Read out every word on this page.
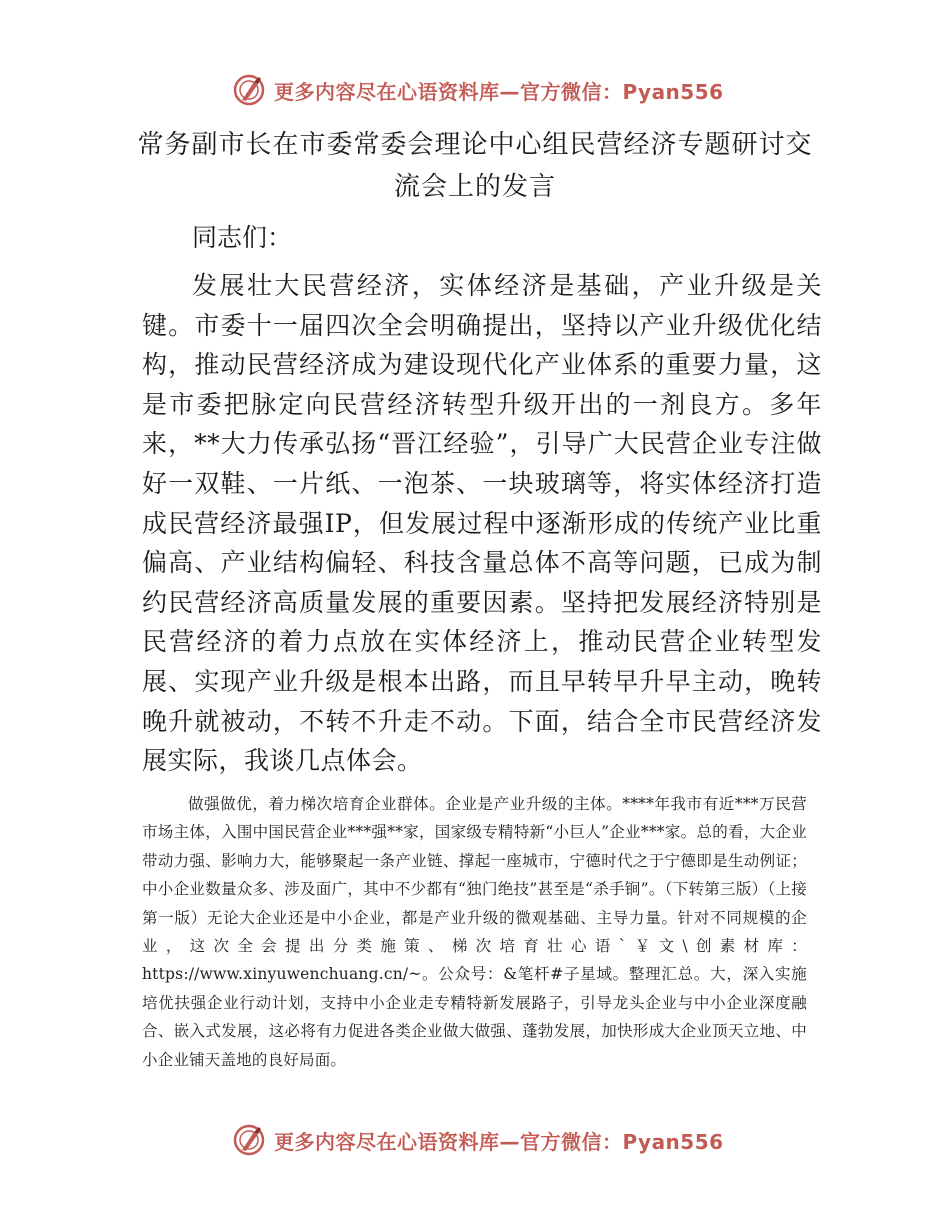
更多内容尽在心语资料库—官方微信：Pyan556
常务副市长在市委常委会理论中心组民营经济专题研讨交流会上的发言
同志们：
发展壮大民营经济，实体经济是基础，产业升级是关键。市委十一届四次全会明确提出，坚持以产业升级优化结构，推动民营经济成为建设现代化产业体系的重要力量，这是市委把脉定向民营经济转型升级开出的一剂良方。多年来，**大力传承弘扬“晋江经验”，引导广大民营企业专注做好一双鞋、一片纸、一泡茶、一块玻璃等，将实体经济打造成民营经济最强IP，但发展过程中逐渐形成的传统产业比重偏高、产业结构偏轻、科技含量总体不高等问题，已成为制约民营经济高质量发展的重要因素。坚持把发展经济特别是民营经济的着力点放在实体经济上，推动民营企业转型发展、实现产业升级是根本出路，而且早转早升早主动，晚转晚升就被动，不转不升走不动。下面，结合全市民营经济发展实际，我谈几点体会。
做强做优，着力梯次培育企业群体。企业是产业升级的主体。****年我市有近***万民营市场主体，入围中国民营企业***强**家，国家级专精特新“小巨人”企业***家。总的看，大企业带动力强、影响力大，能够聚起一条产业链、撑起一座城市，宁德时代之于宁德即是生动例证；中小企业数量众多、涉及面广，其中不少都有“独门绝技”甚至是“杀手锏”。（下转第三版）（上接第一版）无论大企业还是中小企业，都是产业升级的微观基础、主导力量。针对不同规模的企业，这次全会提出分类施策、梯次培育壮心语`￥文\创素材库：https://www.xinyuwenchuang.cn/~。公众号：&笔杆#子星域。整理汇总。大，深入实施培优扶强企业行动计划，支持中小企业走专精特新发展路子，引导龙头企业与中小企业深度融合、嵌入式发展，这必将有力促进各类企业做大做强、蓬勃发展，加快形成大企业顶天立地、中小企业铺天盖地的良好局面。
更多内容尽在心语资料库—官方微信：Pyan556
